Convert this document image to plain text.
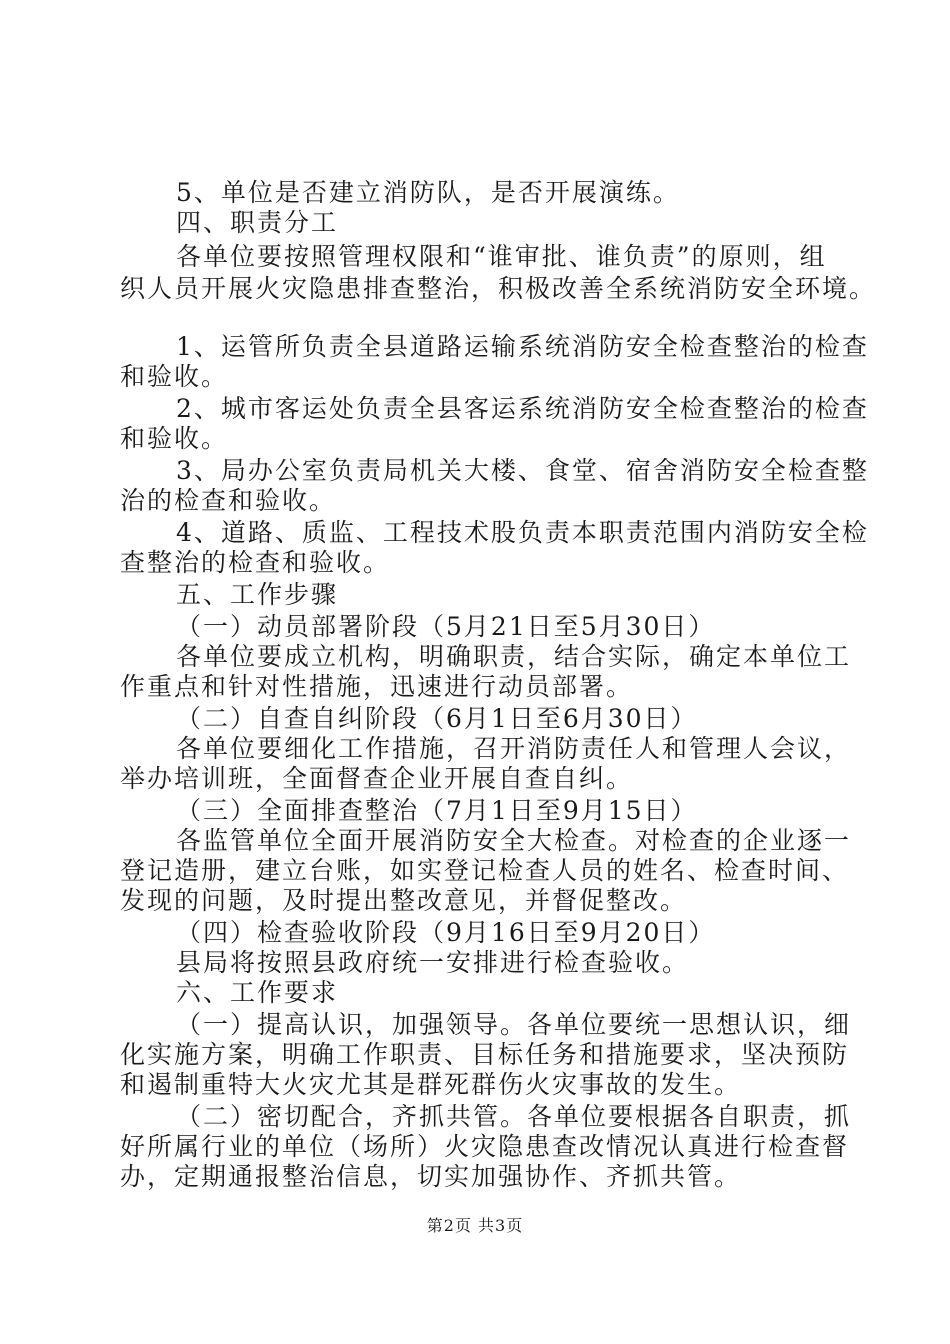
5、单位是否建立消防队，是否开展演练。
四、职责分工
各单位要按照管理权限和“谁审批、谁负责”的原则，组
织人员开展火灾隐患排查整治，积极改善全系统消防安全环境。
1、运管所负责全县道路运输系统消防安全检查整治的检查
和验收。
2、城市客运处负责全县客运系统消防安全检查整治的检查
和验收。
3、局办公室负责局机关大楼、食堂、宿舍消防安全检查整
治的检查和验收。
4、道路、质监、工程技术股负责本职责范围内消防安全检
查整治的检查和验收。
五、工作步骤
（一）动员部署阶段（5月21日至5月30日）
各单位要成立机构，明确职责，结合实际，确定本单位工
作重点和针对性措施，迅速进行动员部署。
（二）自查自纠阶段（6月1日至6月30日）
各单位要细化工作措施，召开消防责任人和管理人会议，
举办培训班，全面督查企业开展自查自纠。
（三）全面排查整治（7月1日至9月15日）
各监管单位全面开展消防安全大检查。对检查的企业逐一
登记造册，建立台账，如实登记检查人员的姓名、检查时间、
发现的问题，及时提出整改意见，并督促整改。
（四）检查验收阶段（9月16日至9月20日）
县局将按照县政府统一安排进行检查验收。
六、工作要求
（一）提高认识，加强领导。各单位要统一思想认识，细
化实施方案，明确工作职责、目标任务和措施要求，坚决预防
和遏制重特大火灾尤其是群死群伤火灾事故的发生。
（二）密切配合，齐抓共管。各单位要根据各自职责，抓
好所属行业的单位（场所）火灾隐患查改情况认真进行检查督
办，定期通报整治信息，切实加强协作、齐抓共管。
第2页 共3页
